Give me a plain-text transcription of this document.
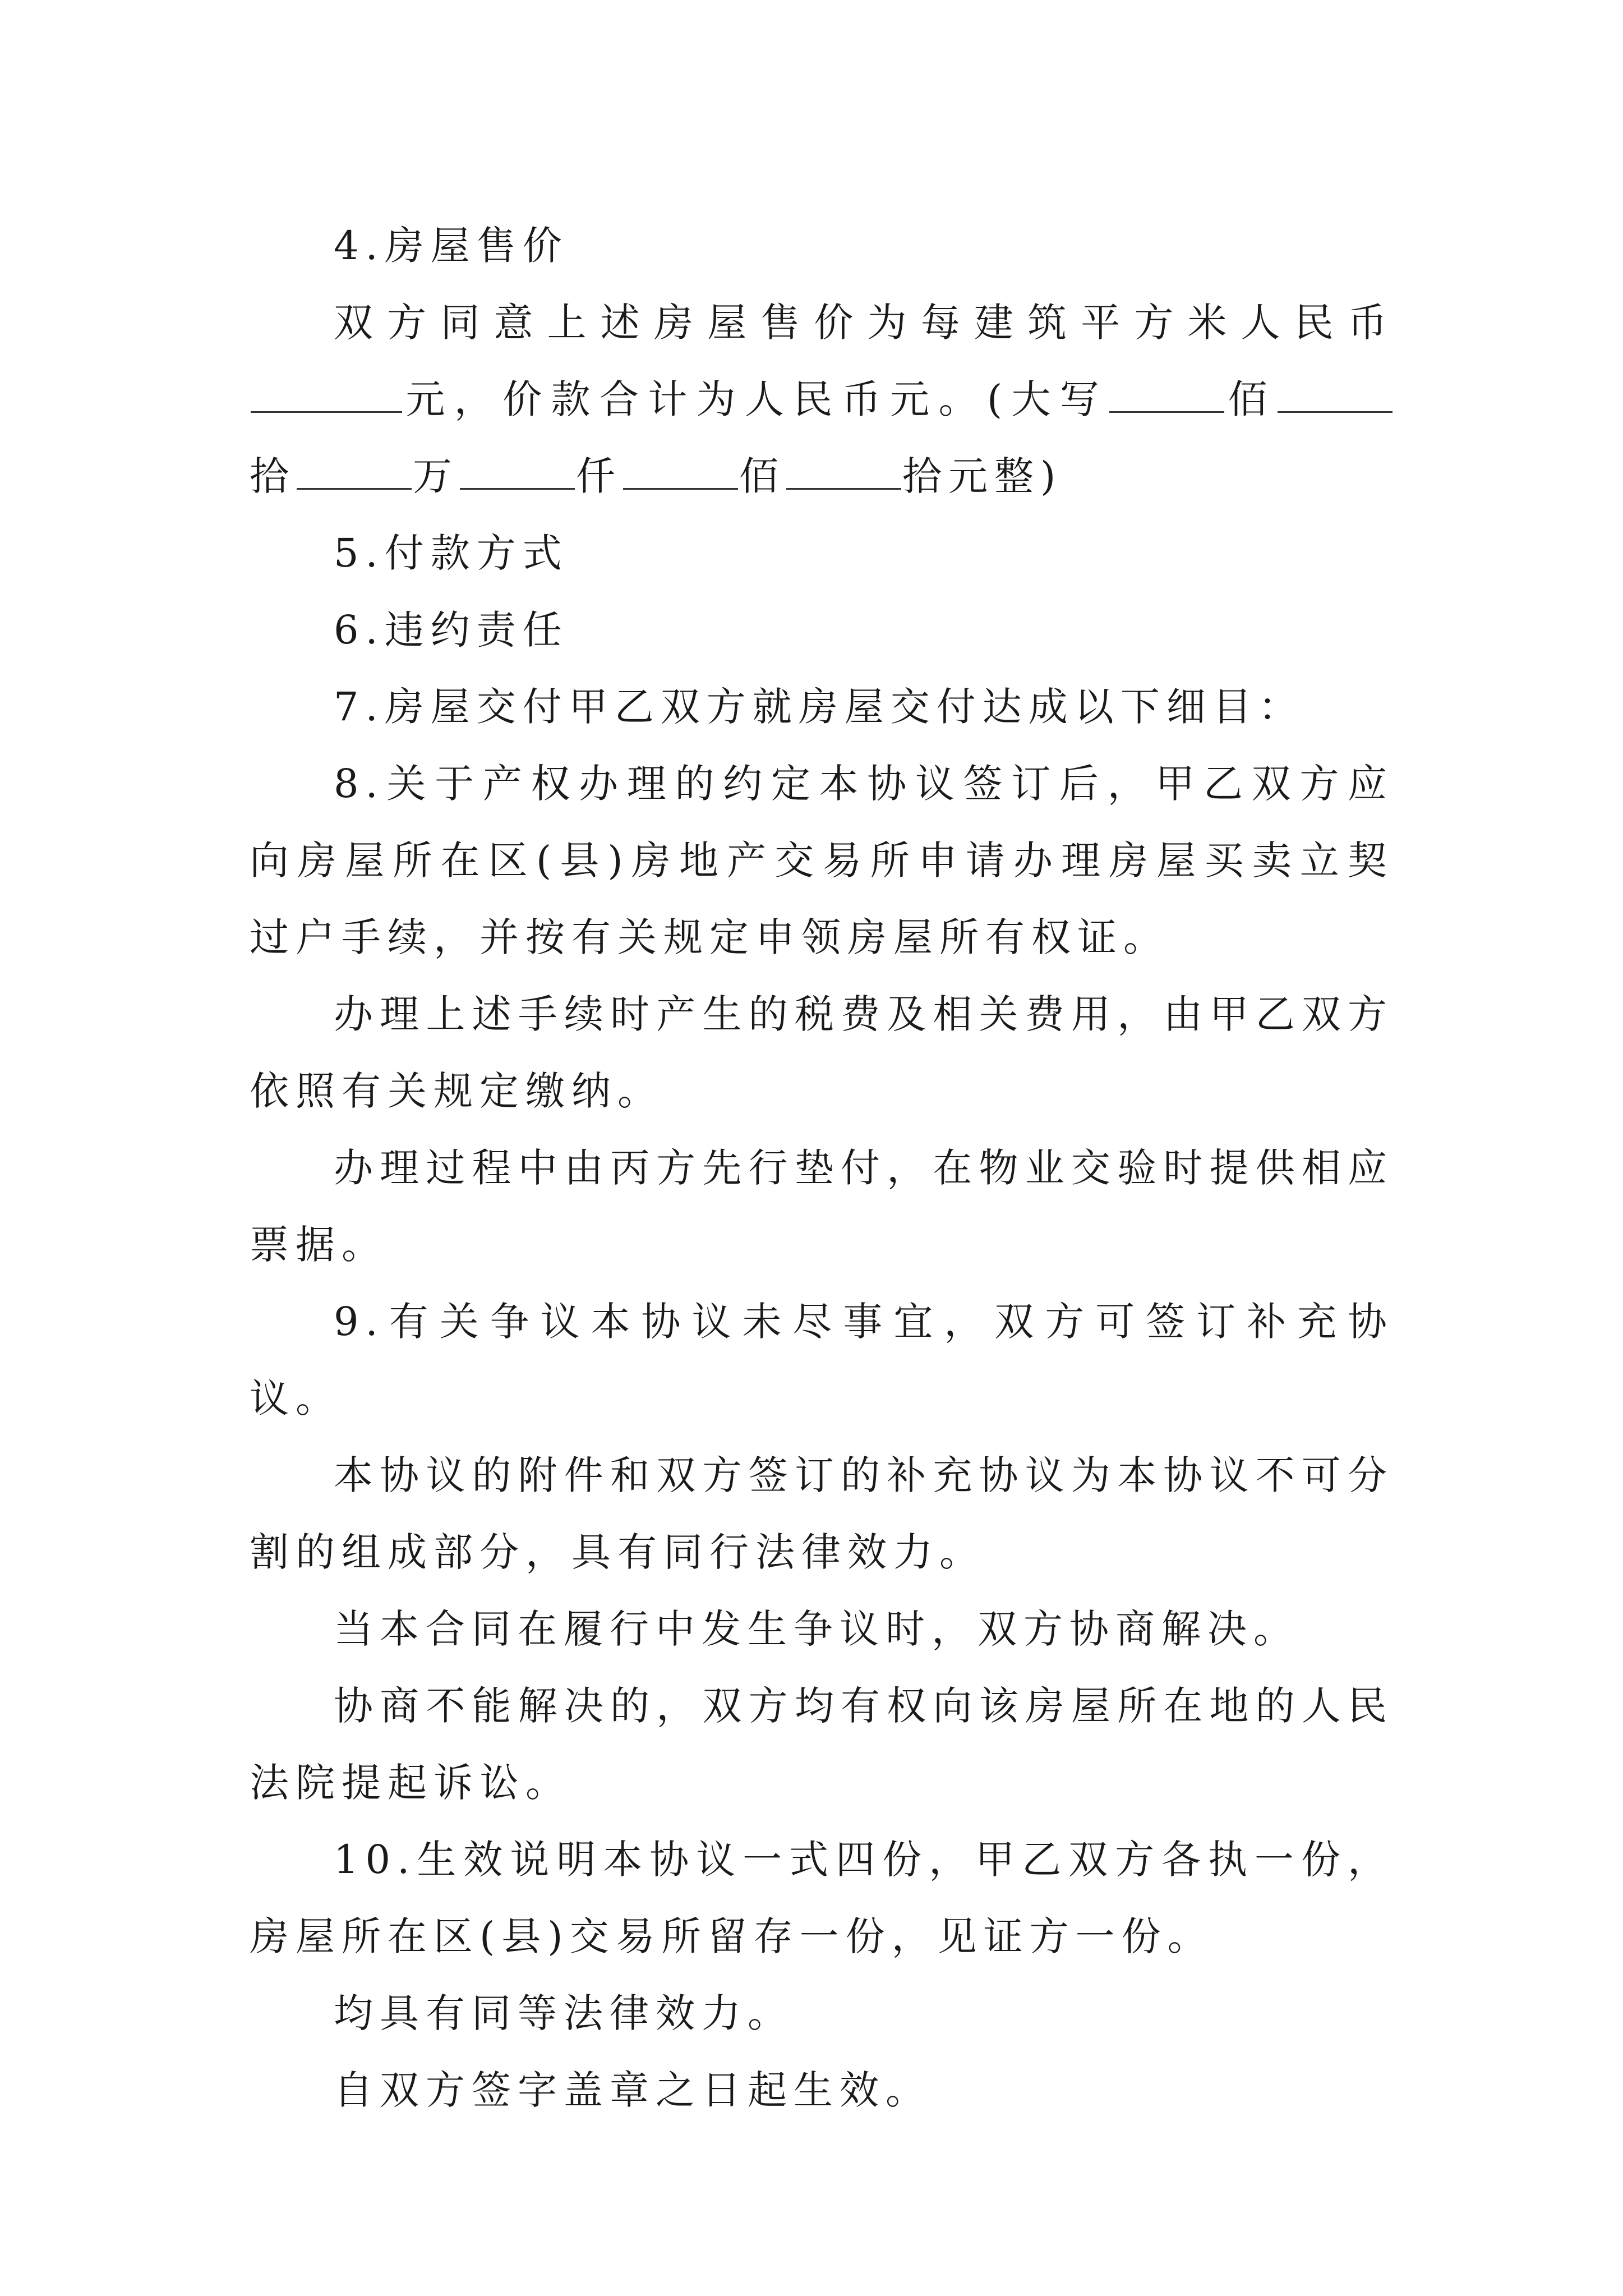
4.房屋售价

双方同意上述房屋售价为每建筑平方米人民币元，价款合计为人民币元。(大写	佰拾	万	仟	佰	拾元整)

5.付款方式

6.违约责任

7.房屋交付甲乙双方就房屋交付达成以下细目：

8.关于产权办理的约定本协议签订后，甲乙双方应向房屋所在区(县)房地产交易所申请办理房屋买卖立契过户手续，并按有关规定申领房屋所有权证。

办理上述手续时产生的税费及相关费用，由甲乙双方依照有关规定缴纳。

办理过程中由丙方先行垫付，在物业交验时提供相应票据。

9.有关争议本协议未尽事宜，双方可签订补充协议。

本协议的附件和双方签订的补充协议为本协议不可分割的组成部分，具有同行法律效力。

当本合同在履行中发生争议时，双方协商解决。

协商不能解决的，双方均有权向该房屋所在地的人民法院提起诉讼。

10.生效说明本协议一式四份，甲乙双方各执一份，房屋所在区(县)交易所留存一份，见证方一份。

均具有同等法律效力。

自双方签字盖章之日起生效。
